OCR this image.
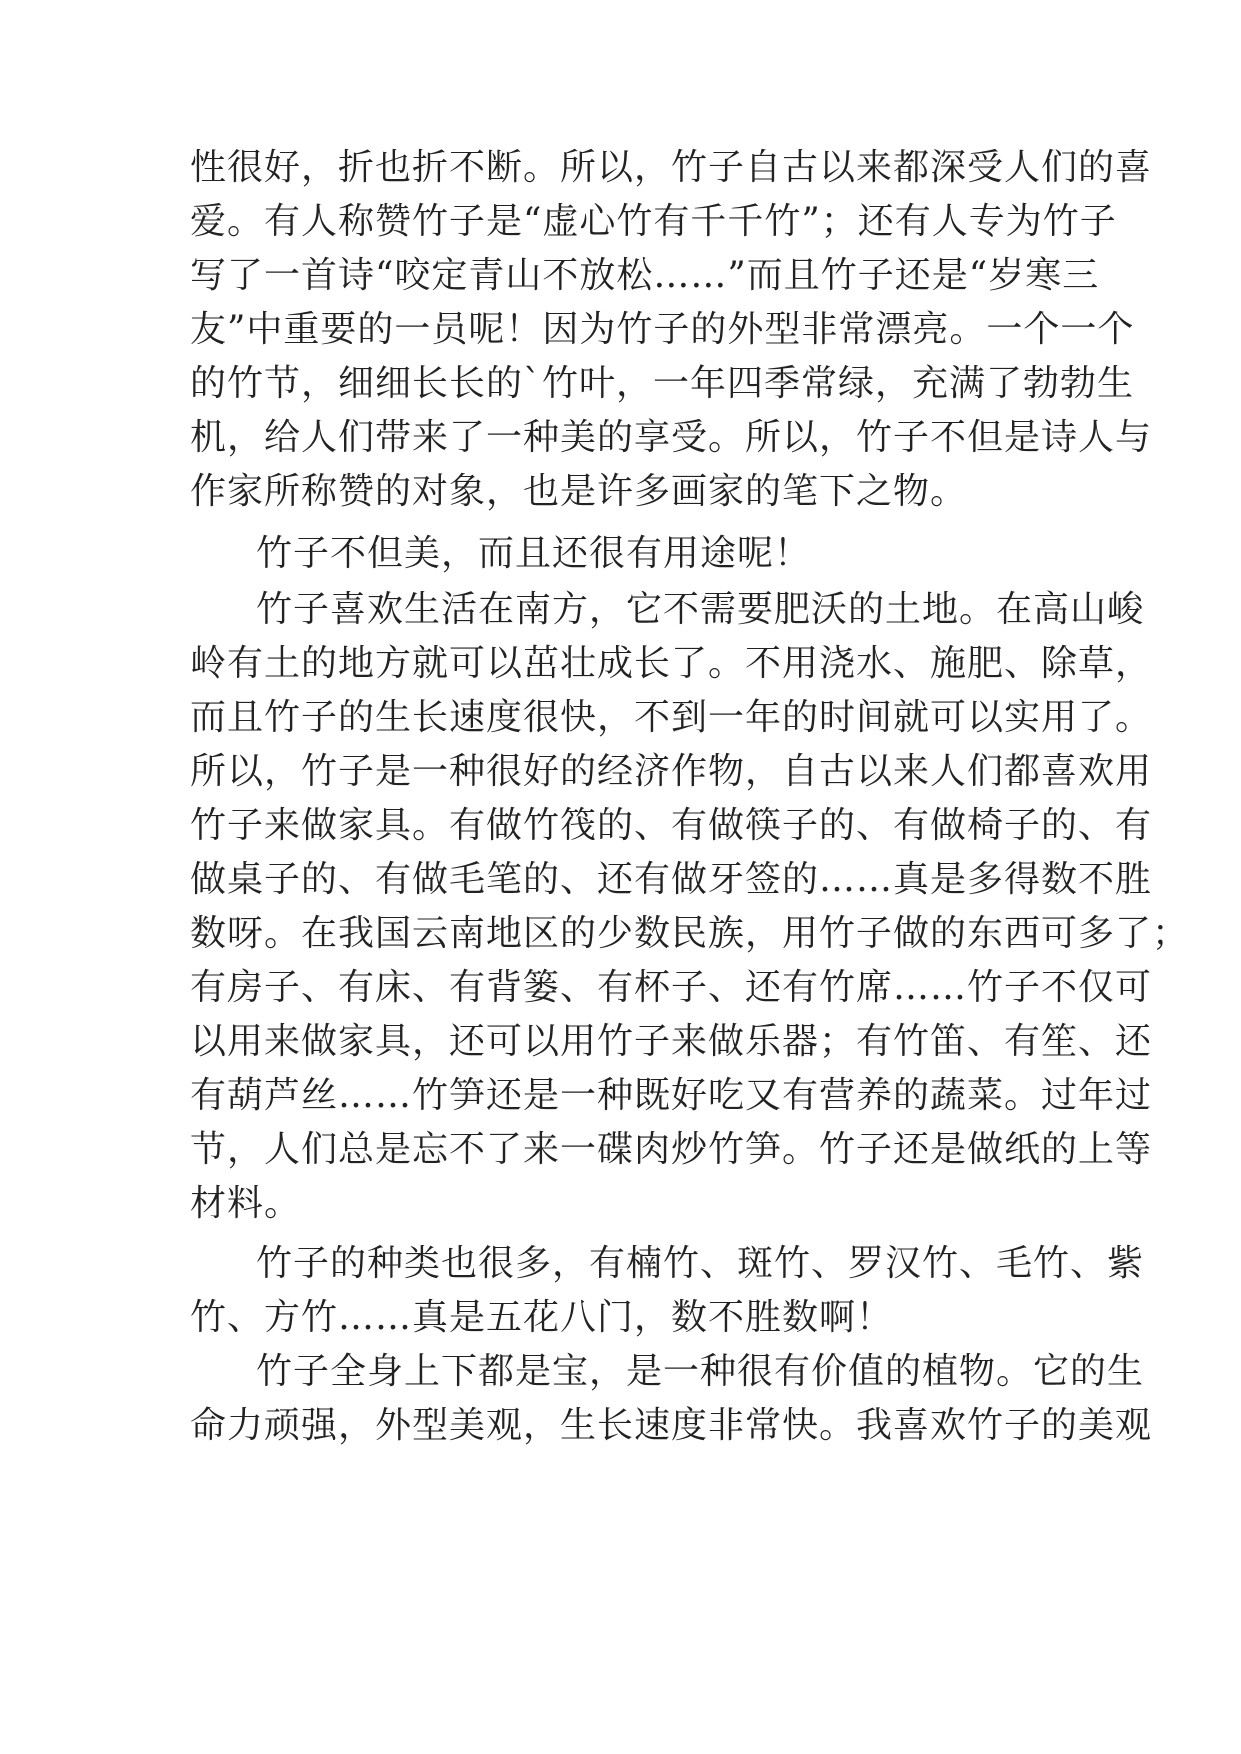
性很好，折也折不断。所以，竹子自古以来都深受人们的喜
爱。有人称赞竹子是“虚心竹有千千竹”；还有人专为竹子
写了一首诗“咬定青山不放松……”而且竹子还是“岁寒三
友”中重要的一员呢！因为竹子的外型非常漂亮。一个一个
的竹节，细细长长的`竹叶，一年四季常绿，充满了勃勃生
机，给人们带来了一种美的享受。所以，竹子不但是诗人与
作家所称赞的对象，也是许多画家的笔下之物。
竹子不但美，而且还很有用途呢！
竹子喜欢生活在南方，它不需要肥沃的土地。在高山峻
岭有土的地方就可以茁壮成长了。不用浇水、施肥、除草，
而且竹子的生长速度很快，不到一年的时间就可以实用了。
所以，竹子是一种很好的经济作物，自古以来人们都喜欢用
竹子来做家具。有做竹筏的、有做筷子的、有做椅子的、有
做桌子的、有做毛笔的、还有做牙签的……真是多得数不胜
数呀。在我国云南地区的少数民族，用竹子做的东西可多了；
有房子、有床、有背篓、有杯子、还有竹席……竹子不仅可
以用来做家具，还可以用竹子来做乐器；有竹笛、有笙、还
有葫芦丝……竹笋还是一种既好吃又有营养的蔬菜。过年过
节，人们总是忘不了来一碟肉炒竹笋。竹子还是做纸的上等
材料。
竹子的种类也很多，有楠竹、斑竹、罗汉竹、毛竹、紫
竹、方竹……真是五花八门，数不胜数啊！
竹子全身上下都是宝，是一种很有价值的植物。它的生
命力顽强，外型美观，生长速度非常快。我喜欢竹子的美观
